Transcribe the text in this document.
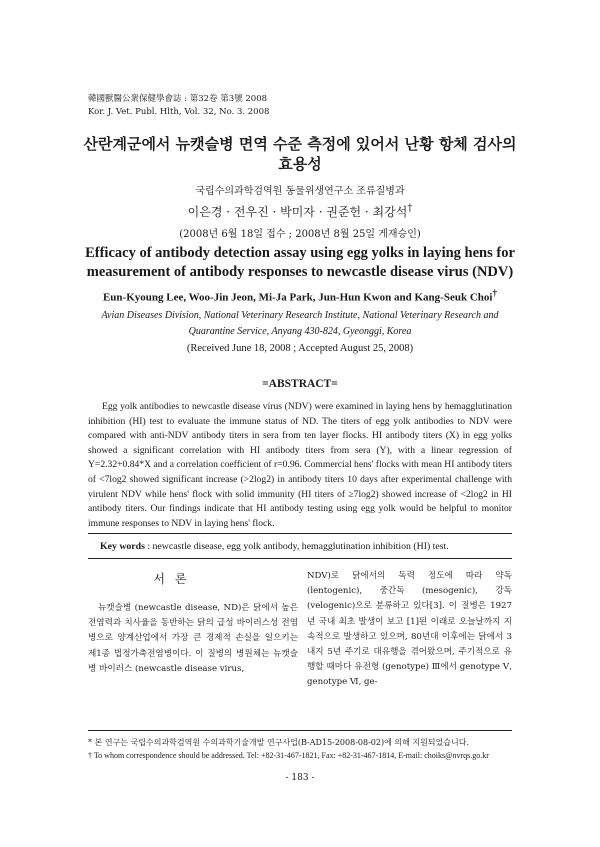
韓國獸醫公衆保健學會誌 : 第32卷 第3號 2008
Kor. J. Vet. Publ. Hlth, Vol. 32, No. 3. 2008
산란계군에서 뉴캣슬병 면역 수준 측정에 있어서 난황 항체 검사의
효용성
국립수의과학검역원 동물위생연구소 조류질병과
이은경 · 전우진 · 박미자 · 권준헌 · 최강석†
(2008년 6월 18일 접수 ; 2008년 8월 25일 게재승인)
Efficacy of antibody detection assay using egg yolks in laying hens for
measurement of antibody responses to newcastle disease virus (NDV)
Eun-Kyoung Lee, Woo-Jin Jeon, Mi-Ja Park, Jun-Hun Kwon and Kang-Seuk Choi†
Avian Diseases Division, National Veterinary Research Institute, National Veterinary Research and
Quarantine Service, Anyang 430-824, Gyeonggi, Korea
(Received June 18, 2008 ; Accepted August 25, 2008)
=ABSTRACT=
Egg yolk antibodies to newcastle disease virus (NDV) were examined in laying hens by hemagglutination inhibition (HI) test to evaluate the immune status of ND. The titers of egg yolk antibodies to NDV were compared with anti-NDV antibody titers in sera from ten layer flocks. HI antibody titers (X) in egg yolks showed a significant correlation with HI antibody titers from sera (Y), with a linear regression of Y=2.32+0.84*X and a correlation coefficient of r=0.96. Commercial hens' flocks with mean HI antibody titers of <7log2 showed significant increase (>2log2) in antibody titers 10 days after experimental challenge with virulent NDV while hens' flock with solid immunity (HI titers of ≥7log2) showed increase of <2log2 in HI antibody titers. Our findings indicate that HI antibody testing using egg yolk would be helpful to monitor immune responses to NDV in laying hens' flock.
Key words : newcastle disease, egg yolk antibody, hemagglutination inhibition (HI) test.
서론
뉴캣슬병 (newcastle disease, ND)은 닭에서 높은 전염력과 치사율을 동반하는 닭의 급성 바이러스성 전염병으로 양계산업에서 가장 큰 경제적 손실을 일으키는 제1종 법정가축전염병이다. 이 질병의 병원체는 뉴캣슬병 바이러스 (newcastle disease virus,
NDV)로 닭에서의 독력 정도에 따라 약독(lentogenic), 중간독 (mesogenic), 강독 (velogenic)으로 분류하고 있다[3]. 이 질병은 1927년 국내 최초 발생이 보고 [1]된 이래로 오늘날까지 지속적으로 발생하고 있으며, 80년대 이후에는 닭에서 3 내지 5년 주기로 대유행을 겪어왔으며, 주기적으로 유행할 때마다 유전형 (genotype) Ⅲ에서 genotype Ⅴ, genotype Ⅵ, ge-
* 본 연구는 국립수의과학검역원 수의과학기술개발 연구사업(B-AD15-2008-08-02)에 의해 지원되었습니다.
† To whom correspondence should be addressed. Tel: +82-31-467-1821, Fax: +82-31-467-1814, E-mail: choiks@nvrqs.go.kr
- 183 -
